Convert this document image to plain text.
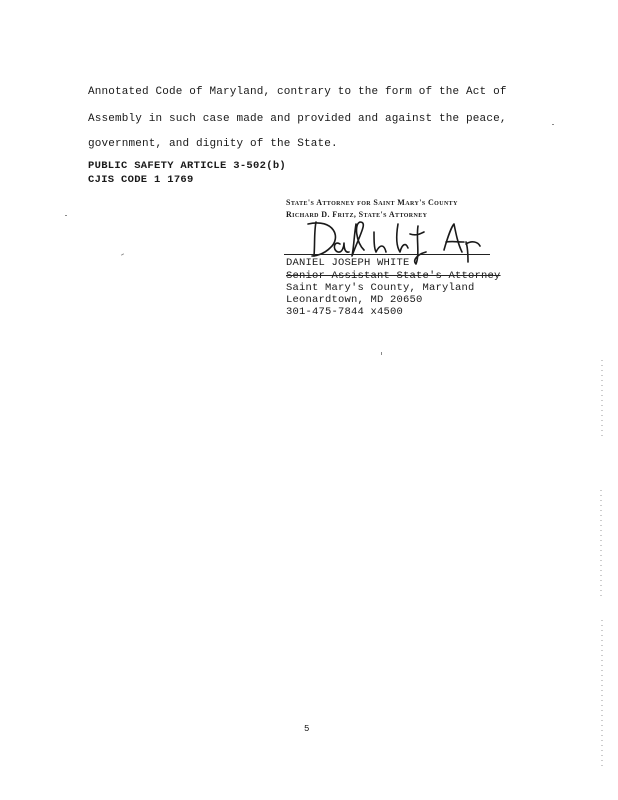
Annotated Code of Maryland, contrary to the form of the Act of
Assembly in such case made and provided and against the peace,
government, and dignity of the State.
PUBLIC SAFETY ARTICLE 3-502(b)
CJIS CODE 1 1769
State's Attorney for Saint Mary's County
Richard D. Fritz, State's Attorney
DANIEL JOSEPH WHITE
Senior Assistant State's Attorney
Saint Mary's County, Maryland
Leonardtown, MD 20650
301-475-7844 x4500
5
